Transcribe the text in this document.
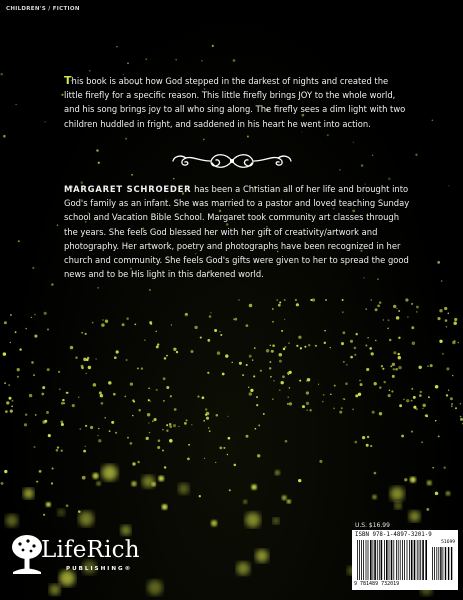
CHILDREN'S / FICTION

This book is about how God stepped in the darkest of nights and created the little firefly for a specific reason. This little firefly brings JOY to the whole world, and his song brings joy to all who sing along. The firefly sees a dim light with two children huddled in fright, and saddened in his heart he went into action.

MARGARET SCHROEDER has been a Christian all of her life and brought into God's family as an infant. She was married to a pastor and loved teaching Sunday school and Vacation Bible School. Margaret took community art classes through the years. She feels God blessed her with her gift of creativity/artwork and photography. Her artwork, poetry and photographs have been recognized in her church and community. She feels God's gifts were given to her to spread the good news and to be His light in this darkened world.

U.S. $16.99

ISBN 978-1-4897-3201-9

9 781489 732019

51699

LifeRich

PUBLISHING®
